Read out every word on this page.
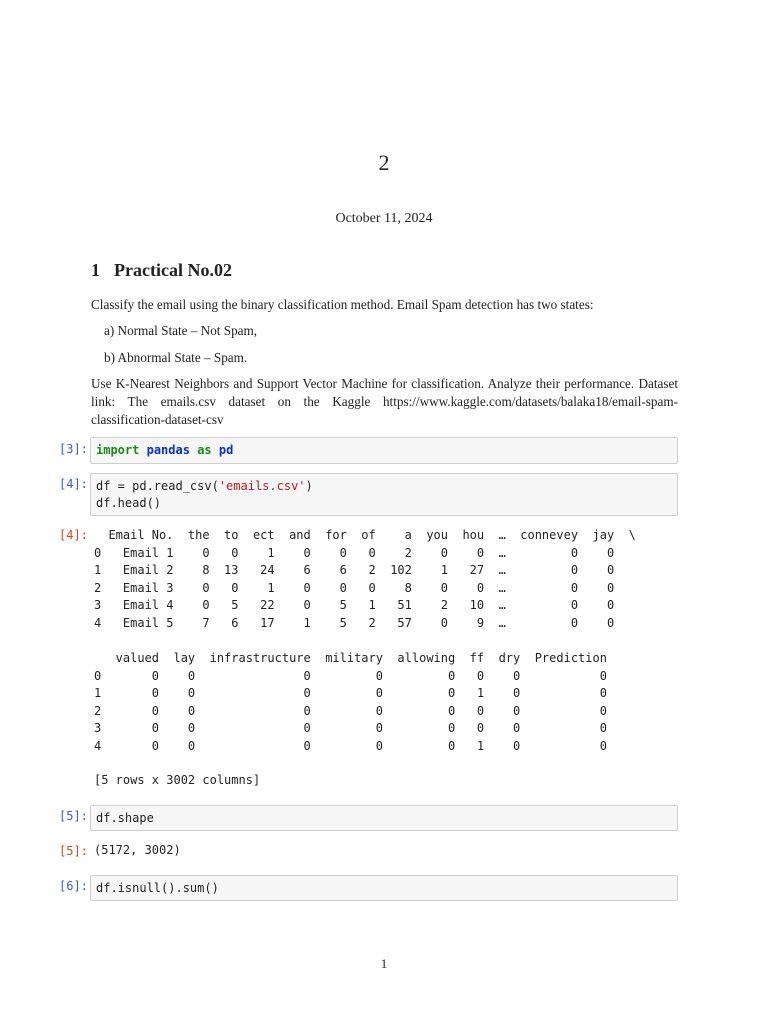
2
October 11, 2024
1 Practical No.02
Classify the email using the binary classification method. Email Spam detection has two states:
a) Normal State – Not Spam,
b) Abnormal State – Spam.
Use K-Nearest Neighbors and Support Vector Machine for classification. Analyze their performance. Dataset link: The emails.csv dataset on the Kaggle https://www.kaggle.com/datasets/balaka18/email-spam-classification-dataset-csv
[3]: import pandas as pd
[4]: df = pd.read_csv('emails.csv')
df.head()
[4]: Email No.  the  to  ect  and  for  of    a  you  hou  …  connevey  jay  \
0   Email 1    0   0    1    0    0   0    2    0    0  …         0    0
1   Email 2    8  13   24    6    6   2  102    1   27  …         0    0
2   Email 3    0   0    1    0    0   0    8    0    0  …         0    0
3   Email 4    0   5   22    0    5   1   51    2   10  …         0    0
4   Email 5    7   6   17    1    5   2   57    0    9  …         0    0

valued  lay  infrastructure  military  allowing  ff  dry  Prediction
0       0    0               0         0         0   0    0           0
1       0    0               0         0         0   1    0           0
2       0    0               0         0         0   0    0           0
3       0    0               0         0         0   0    0           0
4       0    0               0         0         0   1    0           0

[5 rows x 3002 columns]
[5]: df.shape
[5]: (5172, 3002)
[6]: df.isnull().sum()
1
